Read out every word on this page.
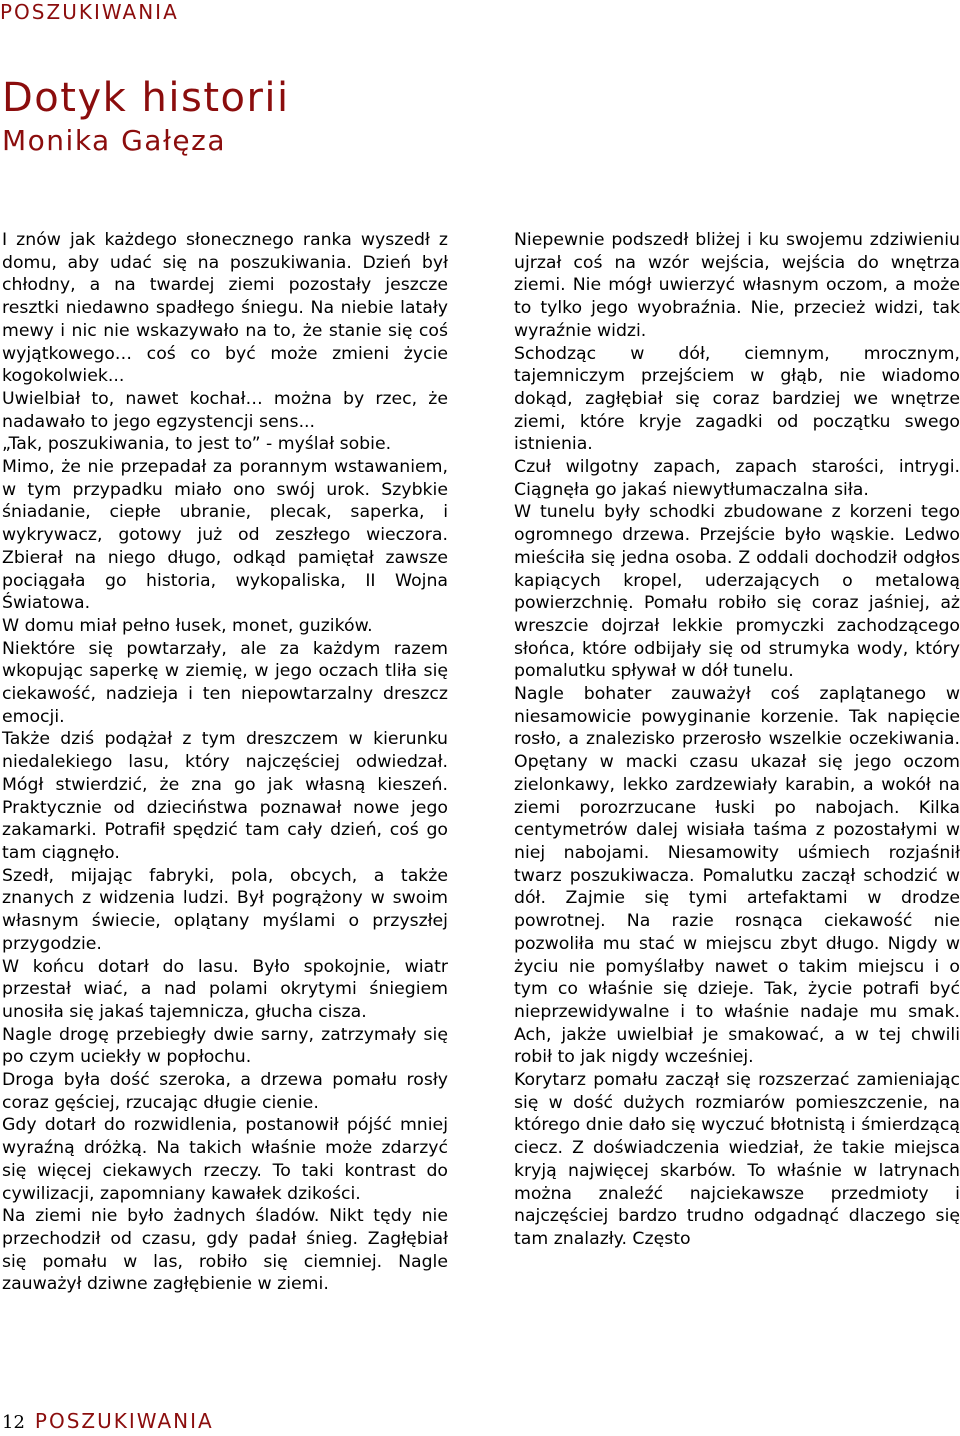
POSZUKIWANIA
Dotyk historii
Monika Gałęza

I znów jak każdego słonecznego ranka wyszedł z domu, aby udać się na poszukiwania. Dzień był chłodny, a na twardej ziemi pozostały jeszcze resztki niedawno spadłego śniegu. Na niebie latały mewy i nic nie wskazywało na to, że stanie się coś wyjątkowego… coś co być może zmieni życie kogokolwiek...

Uwielbiał to, nawet kochał… można by rzec, że nadawało to jego egzystencji sens...

„Tak, poszukiwania, to jest to” - myślał sobie.

Mimo, że nie przepadał za porannym wstawaniem, w tym przypadku miało ono swój urok. Szybkie śniadanie, ciepłe ubranie, plecak, saperka, i wykrywacz, gotowy już od zeszłego wieczora. Zbierał na niego długo, odkąd pamiętał zawsze pociągała go historia, wykopaliska, II Wojna Światowa.

W domu miał pełno łusek, monet, guzików.

Niektóre się powtarzały, ale za każdym razem wkopując saperkę w ziemię, w jego oczach tliła się ciekawość, nadzieja i ten niepowtarzalny dreszcz emocji.

Także dziś podążał z tym dreszczem w kierunku niedalekiego lasu, który najczęściej odwiedzał. Mógł stwierdzić, że zna go jak własną kieszeń. Praktycznie od dzieciństwa poznawał nowe jego zakamarki. Potrafił spędzić tam cały dzień, coś go tam ciągnęło.

Szedł, mijając fabryki, pola, obcych, a także znanych z widzenia ludzi. Był pogrążony w swoim własnym świecie, oplątany myślami o przyszłej przygodzie.

W końcu dotarł do lasu. Było spokojnie, wiatr przestał wiać, a nad polami okrytymi śniegiem unosiła się jakaś tajemnicza, głucha cisza.

Nagle drogę przebiegły dwie sarny, zatrzymały się po czym uciekły w popłochu.

Droga była dość szeroka, a drzewa pomału rosły coraz gęściej, rzucając długie cienie.

Gdy dotarł do rozwidlenia, postanowił pójść mniej wyraźną dróżką. Na takich właśnie może zdarzyć się więcej ciekawych rzeczy. To taki kontrast do cywilizacji, zapomniany kawałek dzikości.

Na ziemi nie było żadnych śladów. Nikt tędy nie przechodził od czasu, gdy padał śnieg. Zagłębiał się pomału w las, robiło się ciemniej. Nagle zauważył dziwne zagłębienie w ziemi.

Niepewnie podszedł bliżej i ku swojemu zdziwieniu ujrzał coś na wzór wejścia, wejścia do wnętrza ziemi. Nie mógł uwierzyć własnym oczom, a może to tylko jego wyobraźnia. Nie, przecież widzi, tak wyraźnie widzi.

Schodząc w dół, ciemnym, mrocznym, tajemniczym przejściem w głąb, nie wiadomo dokąd, zagłębiał się coraz bardziej we wnętrze ziemi, które kryje zagadki od początku swego istnienia.

Czuł wilgotny zapach, zapach starości, intrygi. Ciągnęła go jakaś niewytłumaczalna siła.

W tunelu były schodki zbudowane z korzeni tego ogromnego drzewa. Przejście było wąskie. Ledwo mieściła się jedna osoba. Z oddali dochodził odgłos kapiących kropel, uderzających o metalową powierzchnię. Pomału robiło się coraz jaśniej, aż wreszcie dojrzał lekkie promyczki zachodzącego słońca, które odbijały się od strumyka wody, który pomalutku spływał w dół tunelu.

Nagle bohater zauważył coś zaplątanego w niesamowicie powyginanie korzenie. Tak napięcie rosło, a znalezisko przerosło wszelkie oczekiwania. Opętany w macki czasu ukazał się jego oczom zielonkawy, lekko zardzewiały karabin, a wokół na ziemi porozrzucane łuski po nabojach. Kilka centymetrów dalej wisiała taśma z pozostałymi w niej nabojami. Niesamowity uśmiech rozjaśnił twarz poszukiwacza. Pomalutku zaczął schodzić w dół. Zajmie się tymi artefaktami w drodze powrotnej. Na razie rosnąca ciekawość nie pozwoliła mu stać w miejscu zbyt długo. Nigdy w życiu nie pomyślałby nawet o takim miejscu i o tym co właśnie się dzieje. Tak, życie potrafi być nieprzewidywalne i to właśnie nadaje mu smak. Ach, jakże uwielbiał je smakować, a w tej chwili robił to jak nigdy wcześniej.

Korytarz pomału zaczął się rozszerzać zamieniając się w dość dużych rozmiarów pomieszczenie, na którego dnie dało się wyczuć błotnistą i śmierdzącą ciecz. Z doświadczenia wiedział, że takie miejsca kryją najwięcej skarbów. To właśnie w latrynach można znaleźć najciekawsze przedmioty i najczęściej bardzo trudno odgadnąć dlaczego się tam znalazły. Często

12 POSZUKIWANIA
